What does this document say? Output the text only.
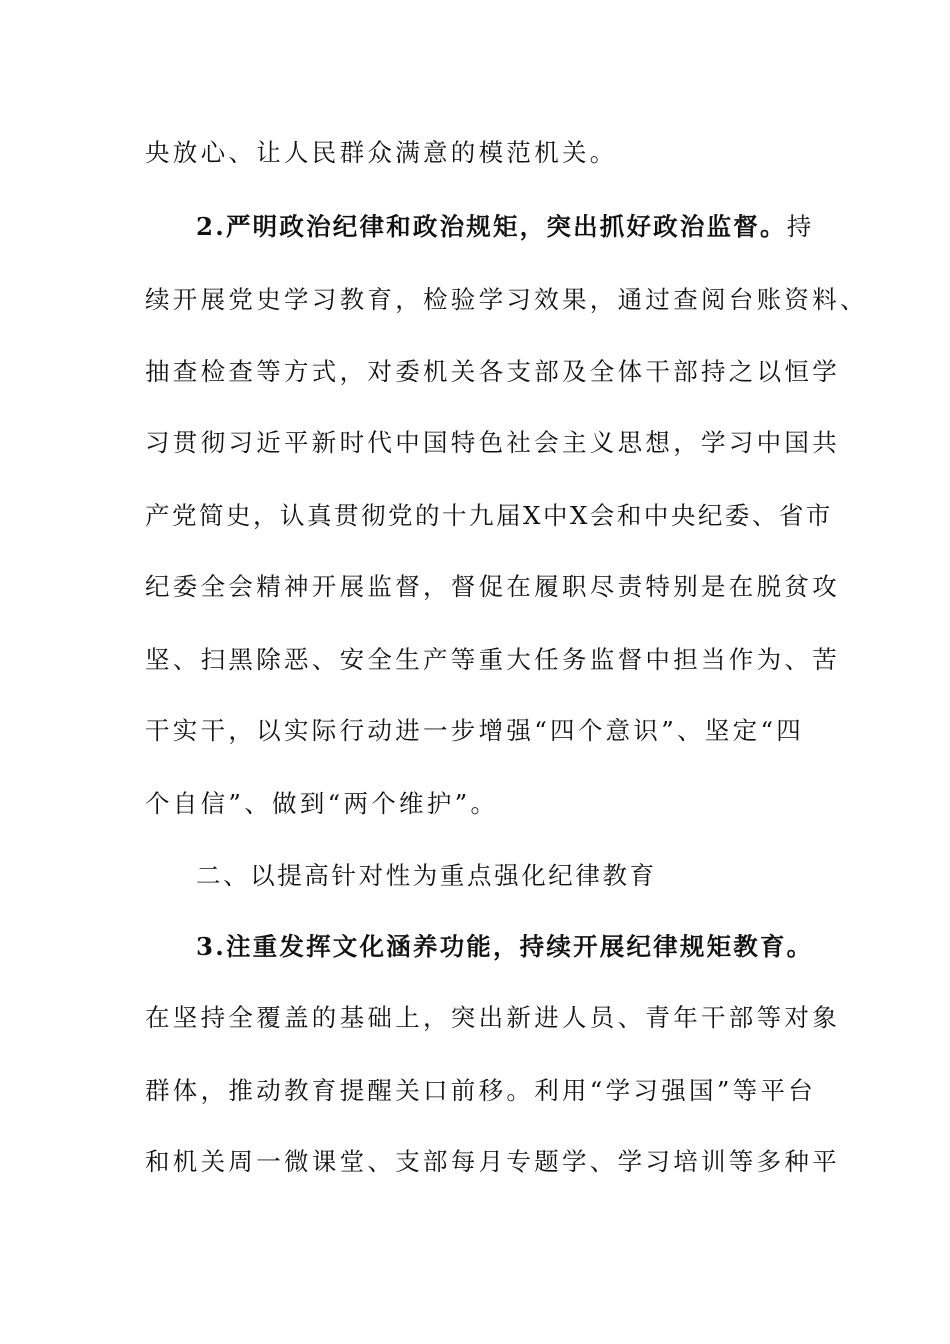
央放心、让人民群众满意的模范机关。
2.严明政治纪律和政治规矩，突出抓好政治监督。持
续开展党史学习教育，检验学习效果，通过查阅台账资料、
抽查检查等方式，对委机关各支部及全体干部持之以恒学
习贯彻习近平新时代中国特色社会主义思想，学习中国共
产党简史，认真贯彻党的十九届X中X会和中央纪委、省市
纪委全会精神开展监督，督促在履职尽责特别是在脱贫攻
坚、扫黑除恶、安全生产等重大任务监督中担当作为、苦
干实干，以实际行动进一步增强“四个意识”、坚定“四
个自信”、做到“两个维护”。
二、以提高针对性为重点强化纪律教育
3.注重发挥文化涵养功能，持续开展纪律规矩教育。
在坚持全覆盖的基础上，突出新进人员、青年干部等对象
群体，推动教育提醒关口前移。利用“学习强国”等平台
和机关周一微课堂、支部每月专题学、学习培训等多种平
